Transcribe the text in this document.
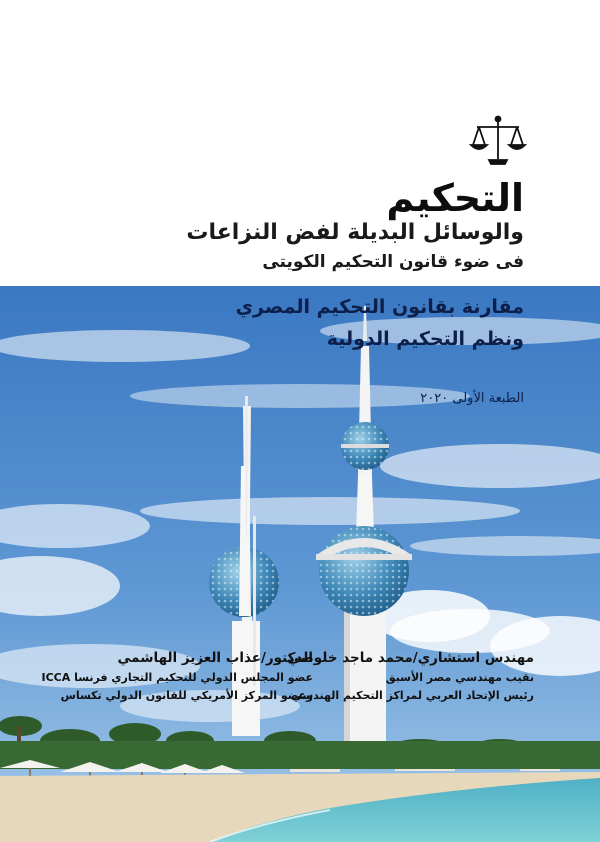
التحكيم
والوسائل البديلة لفض النزاعات
فى ضوء قانون التحكيم الكويتى
مقارنة بقانون التحكيم المصري
ونظم التحكيم الدولية
الطبعة الأولى ٢٠٢٠
مهندس استشاري/محمد ماجد خلوصي
نقيب مهندسي مصر الأسبق
رئيس الإتحاد العربي لمراكز التحكيم الهندسي
الدكتور/عذاب العزيز الهاشمي
عضو المجلس الدولي للتحكيم التجاري فرنسا ICCA
وعضو المركز الأمريكي للقانون الدولي تكساس
